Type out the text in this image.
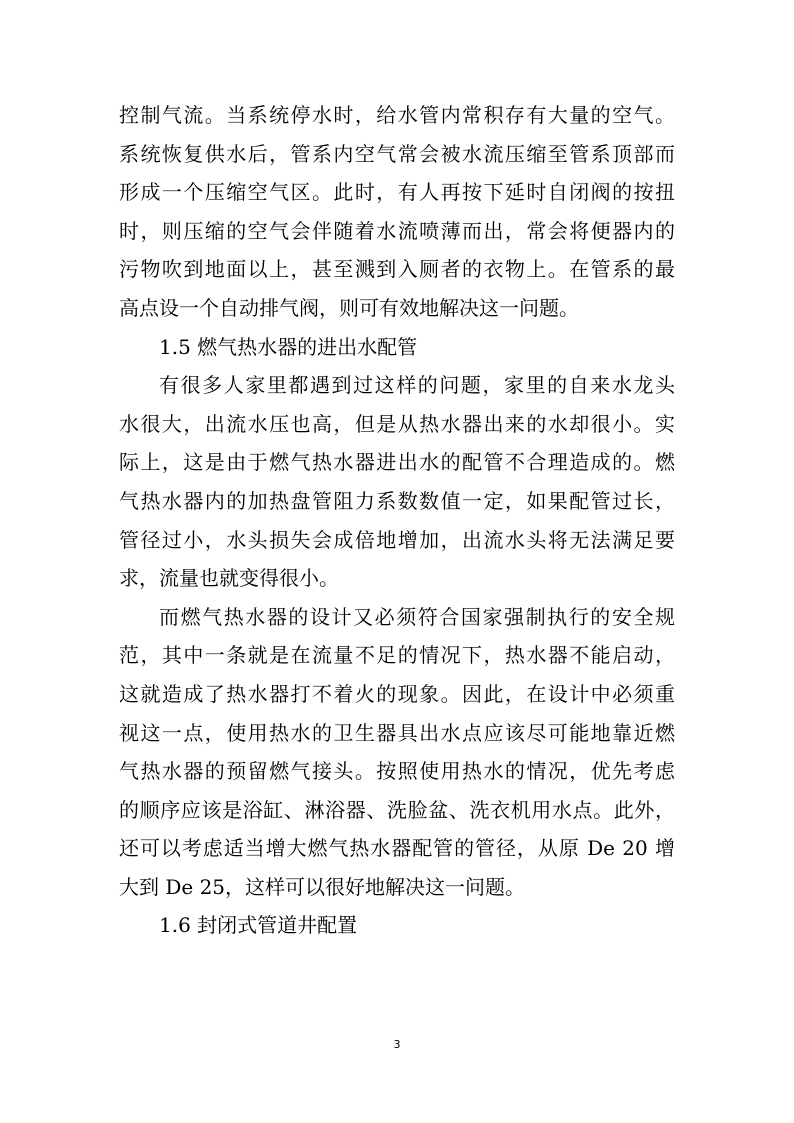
控制气流。当系统停水时，给水管内常积存有大量的空气。
系统恢复供水后，管系内空气常会被水流压缩至管系顶部而
形成一个压缩空气区。此时，有人再按下延时自闭阀的按扭
时，则压缩的空气会伴随着水流喷薄而出，常会将便器内的
污物吹到地面以上，甚至溅到入厕者的衣物上。在管系的最
高点设一个自动排气阀，则可有效地解决这一问题。
1.5 燃气热水器的进出水配管
有很多人家里都遇到过这样的问题，家里的自来水龙头
水很大，出流水压也高，但是从热水器出来的水却很小。实
际上，这是由于燃气热水器进出水的配管不合理造成的。燃
气热水器内的加热盘管阻力系数数值一定，如果配管过长，
管径过小，水头损失会成倍地增加，出流水头将无法满足要
求，流量也就变得很小。
而燃气热水器的设计又必须符合国家强制执行的安全规
范，其中一条就是在流量不足的情况下，热水器不能启动，
这就造成了热水器打不着火的现象。因此，在设计中必须重
视这一点，使用热水的卫生器具出水点应该尽可能地靠近燃
气热水器的预留燃气接头。按照使用热水的情况，优先考虑
的顺序应该是浴缸、淋浴器、洗脸盆、洗衣机用水点。此外，
还可以考虑适当增大燃气热水器配管的管径，从原 De 20 增
大到 De 25，这样可以很好地解决这一问题。
1.6 封闭式管道井配置
3
